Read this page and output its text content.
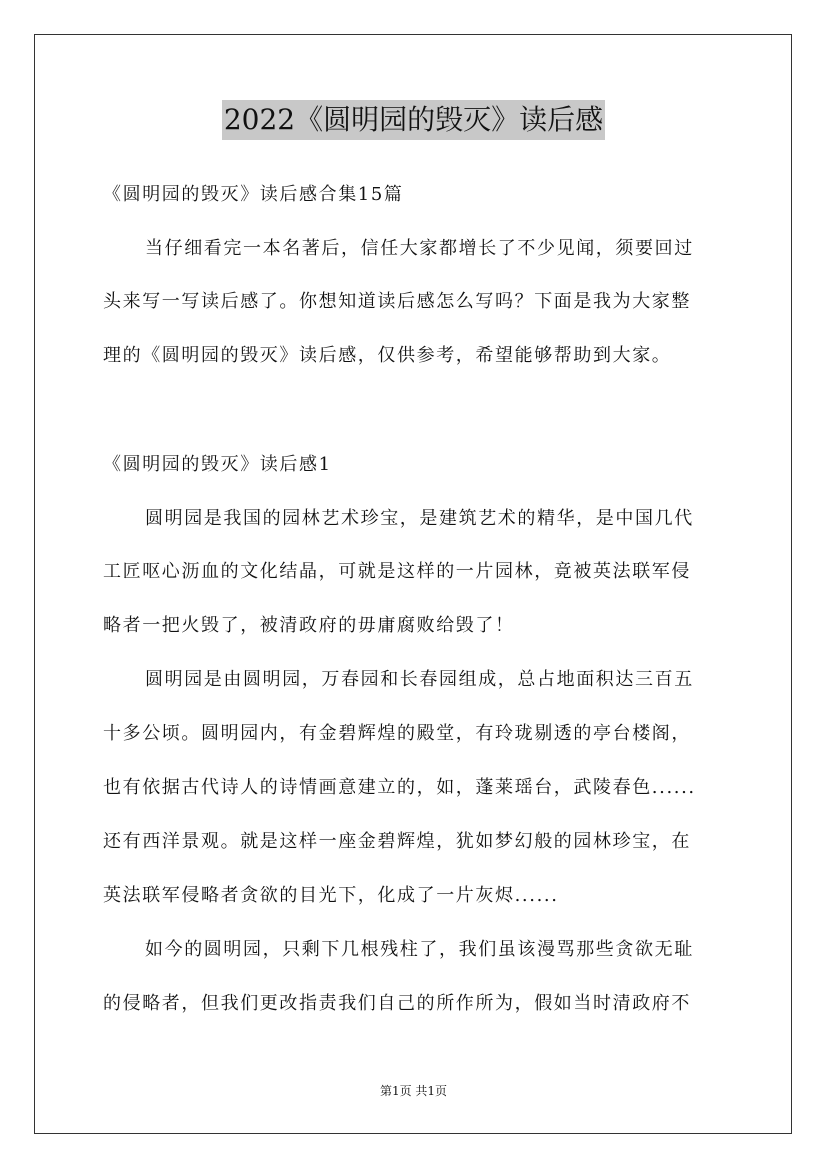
2022《圆明园的毁灭》读后感
《圆明园的毁灭》读后感合集15篇
当仔细看完一本名著后，信任大家都增长了不少见闻，须要回过
头来写一写读后感了。你想知道读后感怎么写吗？下面是我为大家整
理的《圆明园的毁灭》读后感，仅供参考，希望能够帮助到大家。
《圆明园的毁灭》读后感1
圆明园是我国的园林艺术珍宝，是建筑艺术的精华，是中国几代
工匠呕心沥血的文化结晶，可就是这样的一片园林，竟被英法联军侵
略者一把火毁了，被清政府的毋庸腐败给毁了！
圆明园是由圆明园，万春园和长春园组成，总占地面积达三百五
十多公顷。圆明园内，有金碧辉煌的殿堂，有玲珑剔透的亭台楼阁，
也有依据古代诗人的诗情画意建立的，如，蓬莱瑶台，武陵春色......
还有西洋景观。就是这样一座金碧辉煌，犹如梦幻般的园林珍宝，在
英法联军侵略者贪欲的目光下，化成了一片灰烬......
如今的圆明园，只剩下几根残柱了，我们虽该漫骂那些贪欲无耻
的侵略者，但我们更改指责我们自己的所作所为，假如当时清政府不
第1页 共1页
